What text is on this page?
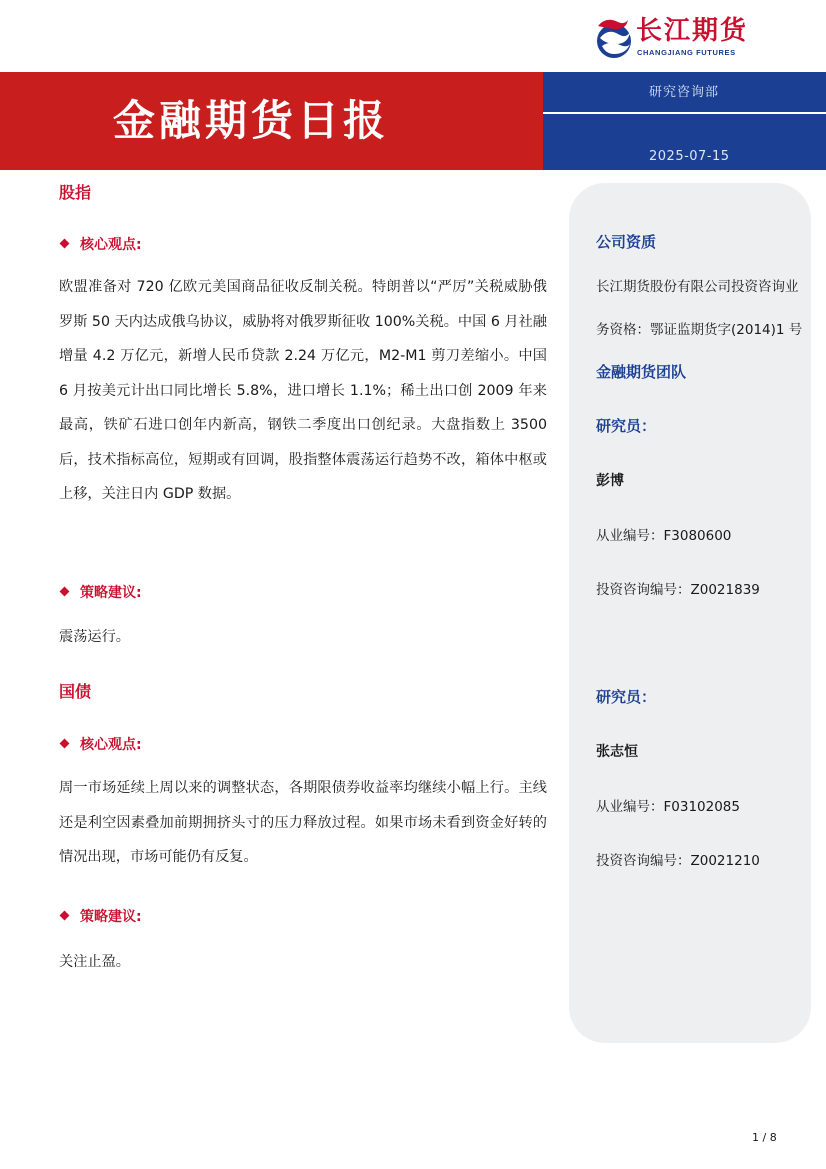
长江期货
CHANGJIANG FUTURES
金融期货日报
研究咨询部
2025-07-15
股指
核心观点:

欧盟准备对 720 亿欧元美国商品征收反制关税。特朗普以“严厉”关税威胁俄罗斯 50 天内达成俄乌协议，威胁将对俄罗斯征收 100%关税。中国 6 月社融增量 4.2 万亿元，新增人民币贷款 2.24 万亿元，M2-M1 剪刀差缩小。中国 6 月按美元计出口同比增长 5.8%，进口增长 1.1%；稀土出口创 2009 年来最高，铁矿石进口创年内新高，钢铁二季度出口创纪录。大盘指数上 3500 后，技术指标高位，短期或有回调，股指整体震荡运行趋势不改，箱体中枢或上移，关注日内 GDP 数据。

策略建议:
震荡运行。
国债
核心观点:

周一市场延续上周以来的调整状态，各期限债券收益率均继续小幅上行。主线还是利空因素叠加前期拥挤头寸的压力释放过程。如果市场未看到资金好转的情况出现，市场可能仍有反复。

策略建议:
关注止盈。
公司资质
长江期货股份有限公司投资咨询业
务资格：鄂证监期货字(2014)1 号
金融期货团队
研究员：
彭博
从业编号：F3080600
投资咨询编号：Z0021839
研究员：
张志恒
从业编号：F03102085
投资咨询编号：Z0021210
1 / 8
